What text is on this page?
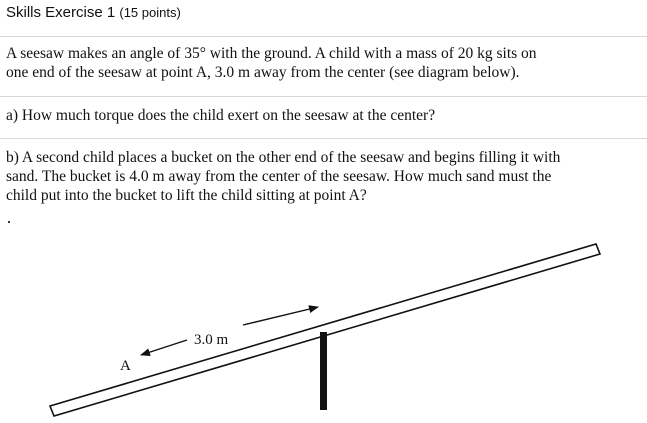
Skills Exercise 1 (15 points)
A seesaw makes an angle of 35° with the ground. A child with a mass of 20 kg sits on
one end of the seesaw at point A, 3.0 m away from the center (see diagram below).
a) How much torque does the child exert on the seesaw at the center?
b) A second child places a bucket on the other end of the seesaw and begins filling it with
sand. The bucket is 4.0 m away from the center of the seesaw. How much sand must the
child put into the bucket to lift the child sitting at point A?
A
3.0 m
